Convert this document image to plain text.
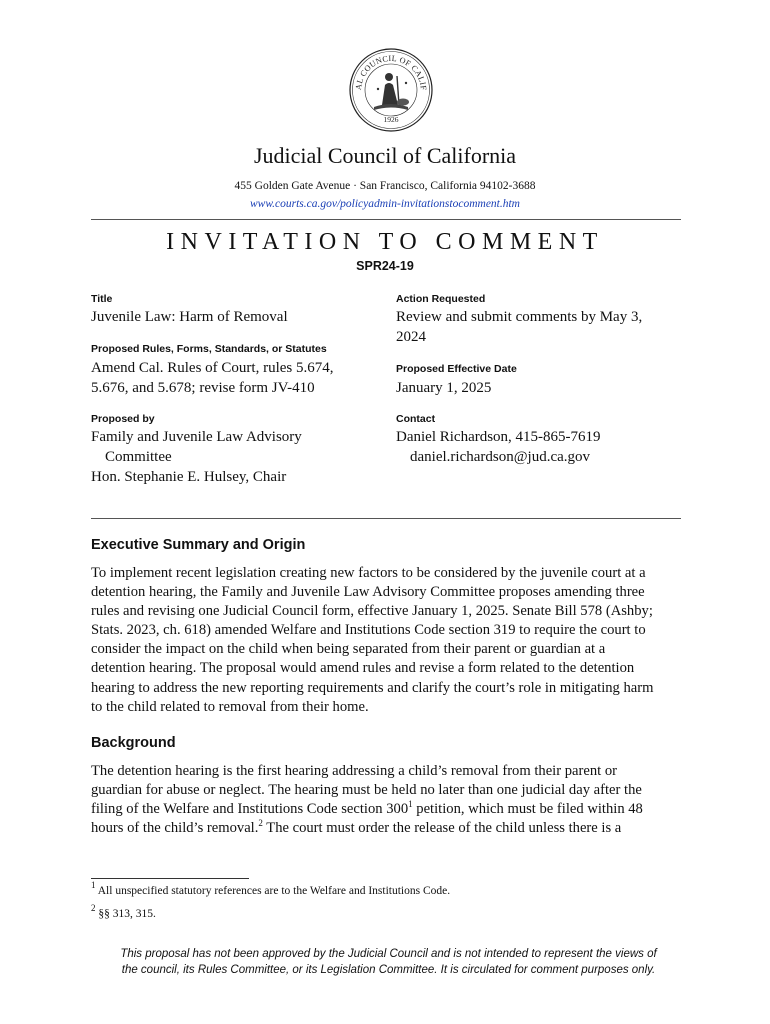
AL COUNCIL OF CALIF
1926
Judicial Council of California
455 Golden Gate Avenue · San Francisco, California 94102-3688
www.courts.ca.gov/policyadmin-invitationstocomment.htm
INVITATION TO COMMENT
SPR24-19
Title
Juvenile Law: Harm of Removal
Proposed Rules, Forms, Standards, or Statutes
Amend Cal. Rules of Court, rules 5.674,
5.676, and 5.678; revise form JV-410
Proposed by
Family and Juvenile Law Advisory
Committee
Hon. Stephanie E. Hulsey, Chair
Action Requested
Review and submit comments by May 3,
2024
Proposed Effective Date
January 1, 2025
Contact
Daniel Richardson, 415-865-7619
daniel.richardson@jud.ca.gov
Executive Summary and Origin
To implement recent legislation creating new factors to be considered by the juvenile court at a
detention hearing, the Family and Juvenile Law Advisory Committee proposes amending three
rules and revising one Judicial Council form, effective January 1, 2025. Senate Bill 578 (Ashby;
Stats. 2023, ch. 618) amended Welfare and Institutions Code section 319 to require the court to
consider the impact on the child when being separated from their parent or guardian at a
detention hearing. The proposal would amend rules and revise a form related to the detention
hearing to address the new reporting requirements and clarify the court’s role in mitigating harm
to the child related to removal from their home.
Background
The detention hearing is the first hearing addressing a child’s removal from their parent or
guardian for abuse or neglect. The hearing must be held no later than one judicial day after the
filing of the Welfare and Institutions Code section $300^1$ petition, which must be filed within 48
hours of the child’s removal.$^2$ The court must order the release of the child unless there is a
$^1$ All unspecified statutory references are to the Welfare and Institutions Code.
$^2$ §§ 313, 315.
This proposal has not been approved by the Judicial Council and is not intended to represent the views of
the council, its Rules Committee, or its Legislation Committee. It is circulated for comment purposes only.
